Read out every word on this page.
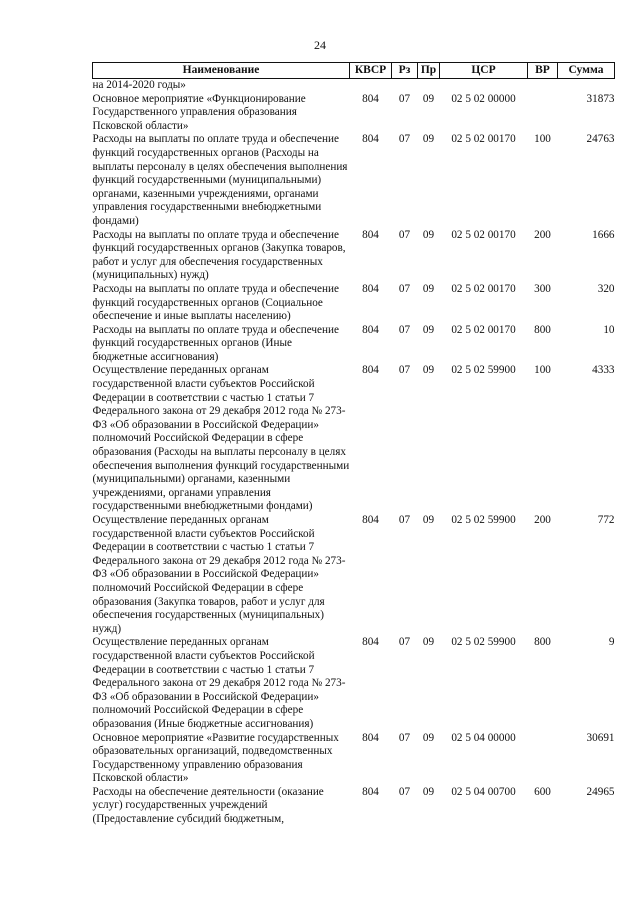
24
Наименование	КВСР	Рз	Пр	ЦСР	ВР	Сумма
на 2014-2020 годы»						
Основное мероприятие «Функционирование Государственного управления образования Псковской области»	804	07	09	02 5 02 00000		31873
Расходы на выплаты по оплате труда и обеспечение функций государственных органов (Расходы на выплаты персоналу в целях обеспечения выполнения функций государственными (муниципальными) органами, казенными учреждениями, органами управления государственными внебюджетными фондами)	804	07	09	02 5 02 00170	100	24763
Расходы на выплаты по оплате труда и обеспечение функций государственных органов (Закупка товаров, работ и услуг для обеспечения государственных (муниципальных) нужд)	804	07	09	02 5 02 00170	200	1666
Расходы на выплаты по оплате труда и обеспечение функций государственных органов (Социальное обеспечение и иные выплаты населению)	804	07	09	02 5 02 00170	300	320
Расходы на выплаты по оплате труда и обеспечение функций государственных органов (Иные бюджетные ассигнования)	804	07	09	02 5 02 00170	800	10
Осуществление переданных органам государственной власти субъектов Российской Федерации в соответствии с частью 1 статьи 7 Федерального закона от 29 декабря 2012 года № 273-ФЗ «Об образовании в Российской Федерации» полномочий Российской Федерации в сфере образования (Расходы на выплаты персоналу в целях обеспечения выполнения функций государственными (муниципальными) органами, казенными учреждениями, органами управления государственными внебюджетными фондами)	804	07	09	02 5 02 59900	100	4333
Осуществление переданных органам государственной власти субъектов Российской Федерации в соответствии с частью 1 статьи 7 Федерального закона от 29 декабря 2012 года № 273-ФЗ «Об образовании в Российской Федерации» полномочий Российской Федерации в сфере образования (Закупка товаров, работ и услуг для обеспечения государственных (муниципальных) нужд)	804	07	09	02 5 02 59900	200	772
Осуществление переданных органам государственной власти субъектов Российской Федерации в соответствии с частью 1 статьи 7 Федерального закона от 29 декабря 2012 года № 273-ФЗ «Об образовании в Российской Федерации» полномочий Российской Федерации в сфере образования (Иные бюджетные ассигнования)	804	07	09	02 5 02 59900	800	9
Основное мероприятие «Развитие государственных образовательных организаций, подведомственных Государственному управлению образования Псковской области»	804	07	09	02 5 04 00000		30691
Расходы на обеспечение деятельности (оказание услуг) государственных учреждений (Предоставление субсидий бюджетным,	804	07	09	02 5 04 00700	600	24965
